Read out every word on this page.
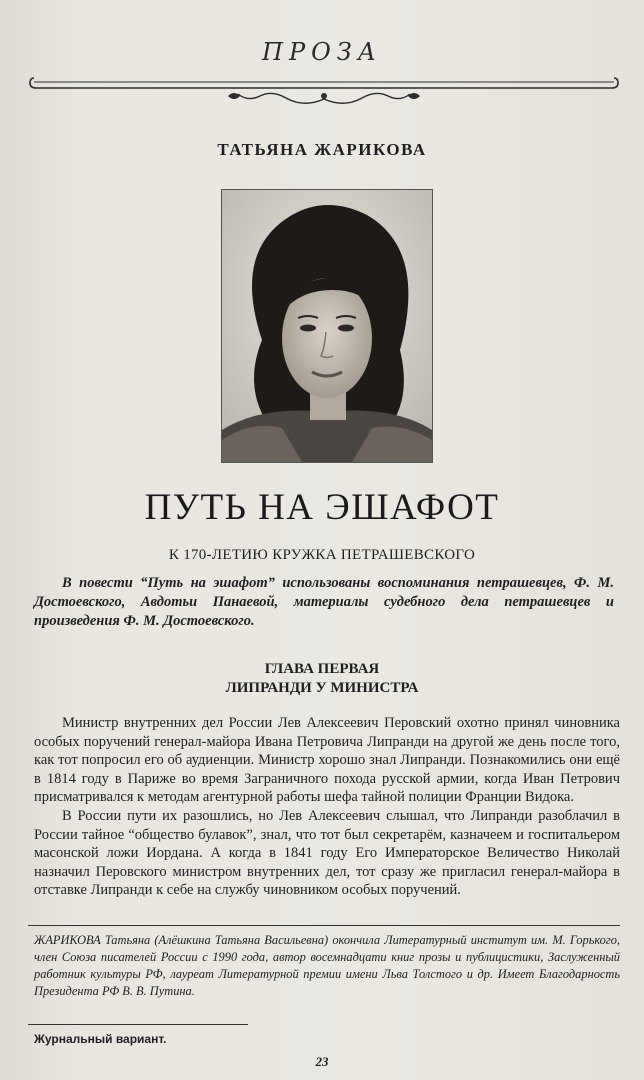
ПРОЗА
ТАТЬЯНА ЖАРИКОВА
ПУТЬ НА ЭШАФОТ
К 170-ЛЕТИЮ КРУЖКА ПЕТРАШЕВСКОГО
В повести “Путь на эшафот” использованы воспоминания петрашевцев, Ф. М. Достоевского, Авдотьи Панаевой, материалы судебного дела петрашевцев и произведения Ф. М. Достоевского.
ГЛАВА ПЕРВАЯ
ЛИПРАНДИ У МИНИСТРА

Министр внутренних дел России Лев Алексеевич Перовский охотно принял чиновника особых поручений генерал-майора Ивана Петровича Липранди на другой же день после того, как тот попросил его об аудиенции. Министр хорошо знал Липранди. Познакомились они ещё в 1814 году в Париже во время Заграничного похода русской армии, когда Иван Петрович присматривался к методам агентурной работы шефа тайной полиции Франции Видока.

В России пути их разошлись, но Лев Алексеевич слышал, что Липранди разоблачил в России тайное “общество булавок”, знал, что тот был секретарём, казначеем и госпитальером масонской ложи Иордана. А когда в 1841 году Его Императорское Величество Николай назначил Перовского министром внутренних дел, тот сразу же пригласил генерал-майора в отставке Липранди к себе на службу чиновником особых поручений.

ЖАРИКОВА Татьяна (Алёшкина Татьяна Васильевна) окончила Литературный институт им. М. Горького, член Союза писателей России с 1990 года, автор восемнадцати книг прозы и публицистики, Заслуженный работник культуры РФ, лауреат Литературной премии имени Льва Толстого и др. Имеет Благодарность Президента РФ В. В. Путина.
Журнальный вариант.
23
